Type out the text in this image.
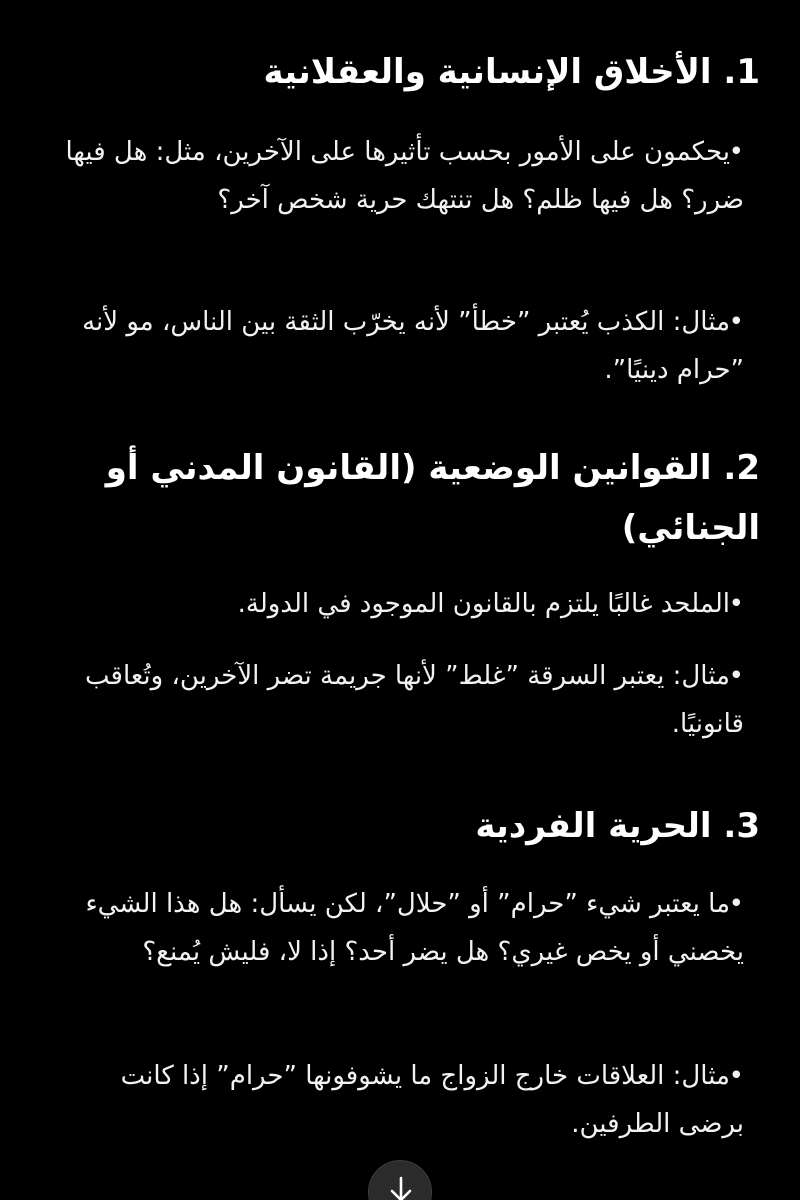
1. الأخلاق الإنسانية والعقلانية

•يحكمون على الأمور بحسب تأثيرها على الآخرين، مثل: هل فيها ضرر؟ هل فيها ظلم؟ هل تنتهك حرية شخص آخر؟

•مثال: الكذب يُعتبر ”خطأ” لأنه يخرّب الثقة بين الناس، مو لأنه ”حرام دينيًا”.

2. القوانين الوضعية (القانون المدني أو الجنائي)

•الملحد غالبًا يلتزم بالقانون الموجود في الدولة.

•مثال: يعتبر السرقة ”غلط” لأنها جريمة تضر الآخرين، وتُعاقب قانونيًا.

3. الحرية الفردية

•ما يعتبر شيء ”حرام” أو ”حلال”، لكن يسأل: هل هذا الشيء يخصني أو يخص غيري؟ هل يضر أحد؟ إذا لا، فليش يُمنع؟

•مثال: العلاقات خارج الزواج ما يشوفونها ”حرام” إذا كانت برضى الطرفين.
